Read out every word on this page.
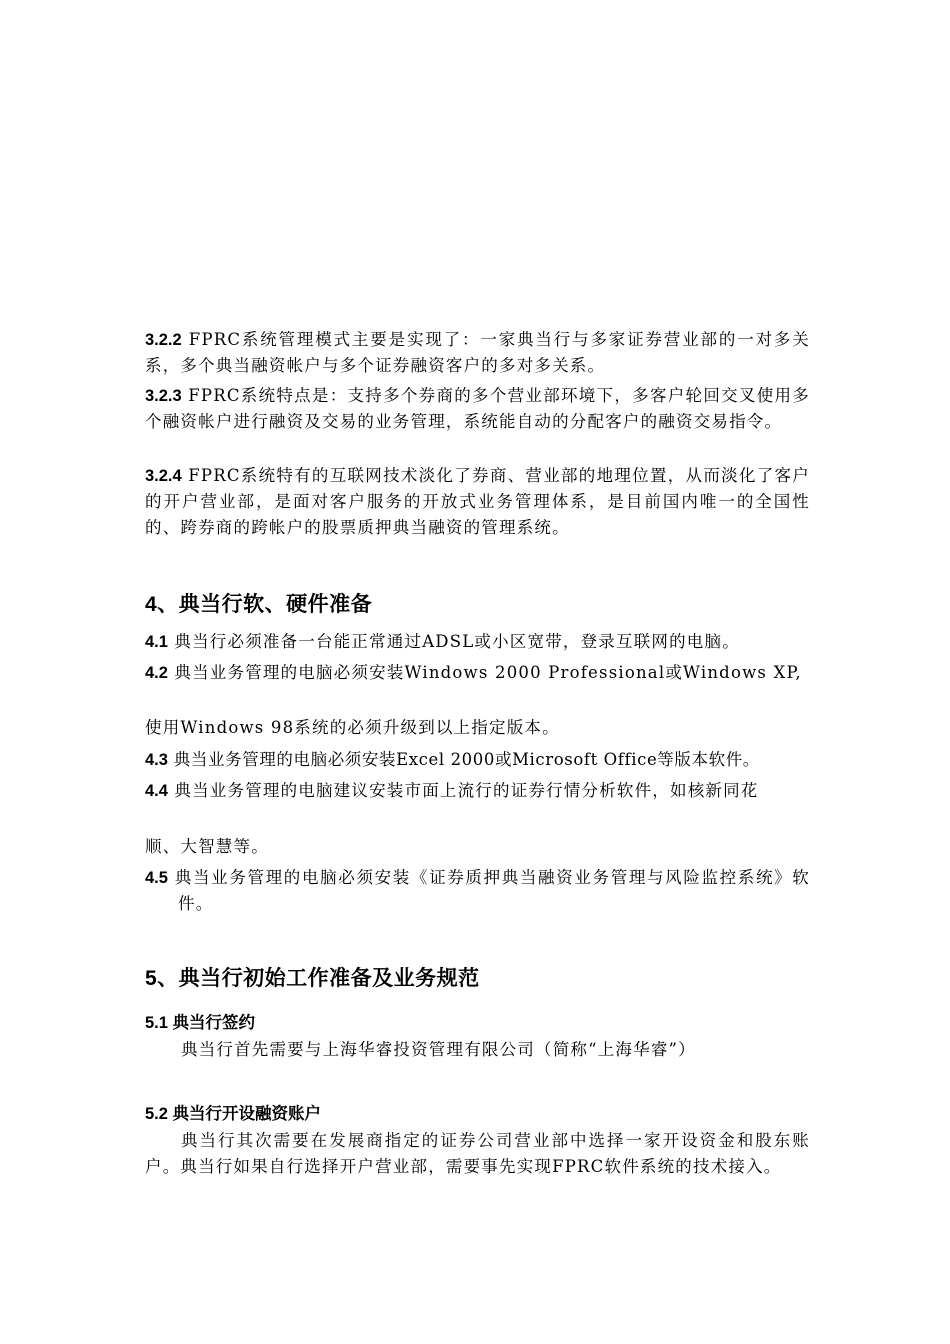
3.2.2 FPRC系统管理模式主要是实现了：一家典当行与多家证券营业部的一对多关系，多个典当融资帐户与多个证券融资客户的多对多关系。

3.2.3 FPRC系统特点是：支持多个券商的多个营业部环境下，多客户轮回交叉使用多个融资帐户进行融资及交易的业务管理，系统能自动的分配客户的融资交易指令。

3.2.4 FPRC系统特有的互联网技术淡化了券商、营业部的地理位置，从而淡化了客户的开户营业部，是面对客户服务的开放式业务管理体系，是目前国内唯一的全国性的、跨券商的跨帐户的股票质押典当融资的管理系统。

4、典当行软、硬件准备

4.1 典当行必须准备一台能正常通过ADSL或小区宽带，登录互联网的电脑。

4.2 典当业务管理的电脑必须安装Windows 2000 Professional或Windows XP,

使用Windows 98系统的必须升级到以上指定版本。

4.3 典当业务管理的电脑必须安装Excel 2000或Microsoft Office等版本软件。

4.4 典当业务管理的电脑建议安装市面上流行的证券行情分析软件，如核新同花

顺、大智慧等。

4.5 典当业务管理的电脑必须安装《证券质押典当融资业务管理与风险监控系统》软件。

5、典当行初始工作准备及业务规范

5.1 典当行签约

典当行首先需要与上海华睿投资管理有限公司（简称“上海华睿”）

5.2 典当行开设融资账户

典当行其次需要在发展商指定的证券公司营业部中选择一家开设资金和股东账户。典当行如果自行选择开户营业部，需要事先实现FPRC软件系统的技术接入。
